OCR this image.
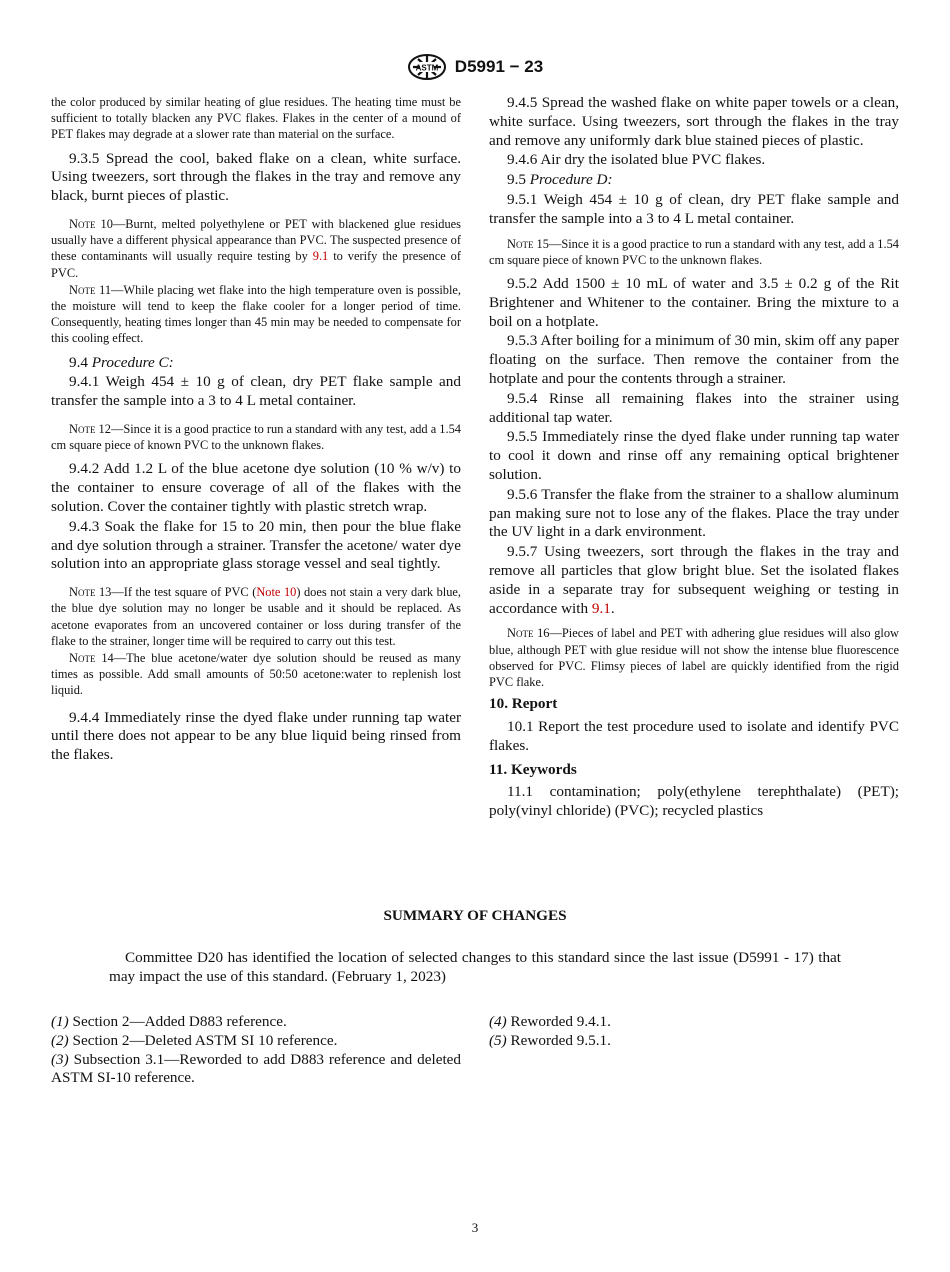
ASTM D5991 − 23

the color produced by similar heating of glue residues. The heating time must be sufficient to totally blacken any PVC flakes. Flakes in the center of a mound of PET flakes may degrade at a slower rate than material on the surface.

9.3.5 Spread the cool, baked flake on a clean, white surface. Using tweezers, sort through the flakes in the tray and remove any black, burnt pieces of plastic.

Note 10—Burnt, melted polyethylene or PET with blackened glue residues usually have a different physical appearance than PVC. The suspected presence of these contaminants will usually require testing by 9.1 to verify the presence of PVC.

Note 11—While placing wet flake into the high temperature oven is possible, the moisture will tend to keep the flake cooler for a longer period of time. Consequently, heating times longer than 45 min may be needed to compensate for this cooling effect.

9.4 Procedure C:

9.4.1 Weigh 454 ± 10 g of clean, dry PET flake sample and transfer the sample into a 3 to 4 L metal container.

Note 12—Since it is a good practice to run a standard with any test, add a 1.54 cm square piece of known PVC to the unknown flakes.

9.4.2 Add 1.2 L of the blue acetone dye solution (10 % w/v) to the container to ensure coverage of all of the flakes with the solution. Cover the container tightly with plastic stretch wrap.

9.4.3 Soak the flake for 15 to 20 min, then pour the blue flake and dye solution through a strainer. Transfer the acetone/ water dye solution into an appropriate glass storage vessel and seal tightly.

Note 13—If the test square of PVC (Note 10) does not stain a very dark blue, the blue dye solution may no longer be usable and it should be replaced. As acetone evaporates from an uncovered container or loss during transfer of the flake to the strainer, longer time will be required to carry out this test.

Note 14—The blue acetone/water dye solution should be reused as many times as possible. Add small amounts of 50:50 acetone:water to replenish lost liquid.

9.4.4 Immediately rinse the dyed flake under running tap water until there does not appear to be any blue liquid being rinsed from the flakes.

9.4.5 Spread the washed flake on white paper towels or a clean, white surface. Using tweezers, sort through the flakes in the tray and remove any uniformly dark blue stained pieces of plastic.

9.4.6 Air dry the isolated blue PVC flakes.

9.5 Procedure D:

9.5.1 Weigh 454 ± 10 g of clean, dry PET flake sample and transfer the sample into a 3 to 4 L metal container.

Note 15—Since it is a good practice to run a standard with any test, add a 1.54 cm square piece of known PVC to the unknown flakes.

9.5.2 Add 1500 ± 10 mL of water and 3.5 ± 0.2 g of the Rit Brightener and Whitener to the container. Bring the mixture to a boil on a hotplate.

9.5.3 After boiling for a minimum of 30 min, skim off any paper floating on the surface. Then remove the container from the hotplate and pour the contents through a strainer.

9.5.4 Rinse all remaining flakes into the strainer using additional tap water.

9.5.5 Immediately rinse the dyed flake under running tap water to cool it down and rinse off any remaining optical brightener solution.

9.5.6 Transfer the flake from the strainer to a shallow aluminum pan making sure not to lose any of the flakes. Place the tray under the UV light in a dark environment.

9.5.7 Using tweezers, sort through the flakes in the tray and remove all particles that glow bright blue. Set the isolated flakes aside in a separate tray for subsequent weighing or testing in accordance with 9.1.

Note 16—Pieces of label and PET with adhering glue residues will also glow blue, although PET with glue residue will not show the intense blue fluorescence observed for PVC. Flimsy pieces of label are quickly identified from the rigid PVC flake.

10. Report

10.1 Report the test procedure used to isolate and identify PVC flakes.

11. Keywords

11.1 contamination; poly(ethylene terephthalate) (PET); poly(vinyl chloride) (PVC); recycled plastics

SUMMARY OF CHANGES

Committee D20 has identified the location of selected changes to this standard since the last issue (D5991 - 17) that may impact the use of this standard. (February 1, 2023)

(1) Section 2—Added D883 reference.

(2) Section 2—Deleted ASTM SI 10 reference.

(3) Subsection 3.1—Reworded to add D883 reference and deleted ASTM SI-10 reference.

(4) Reworded 9.4.1.

(5) Reworded 9.5.1.

3
